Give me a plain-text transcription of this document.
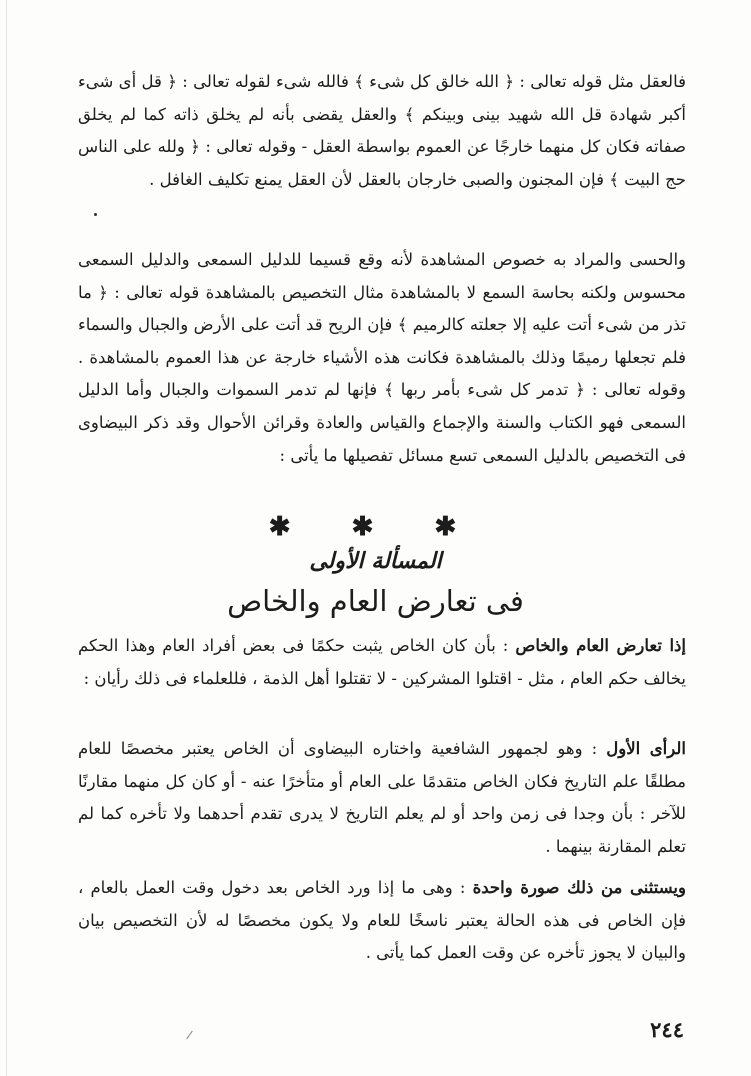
فالعقل مثل قوله تعالى : ﴿ الله خالق كل شىء ﴾ فالله شىء لقوله تعالى : ﴿ قل أى شىء أكبر شهادة قل الله شهيد بينى وبينكم ﴾ والعقل يقضى بأنه لم يخلق ذاته كما لم يخلق صفاته فكان كل منهما خارجًا عن العموم بواسطة العقل - وقوله تعالى : ﴿ ولله على الناس حج البيت ﴾ فإن المجنون والصبى خارجان بالعقل لأن العقل يمنع تكليف الغافل .

والحسى والمراد به خصوص المشاهدة لأنه وقع قسيما للدليل السمعى والدليل السمعى محسوس ولكنه بحاسة السمع لا بالمشاهدة مثال التخصيص بالمشاهدة قوله تعالى : ﴿ ما تذر من شىء أتت عليه إلا جعلته كالرميم ﴾ فإن الريح قد أتت على الأرض والجبال والسماء فلم تجعلها رميمًا وذلك بالمشاهدة فكانت هذه الأشياء خارجة عن هذا العموم بالمشاهدة . وقوله تعالى : ﴿ تدمر كل شىء بأمر ربها ﴾ فإنها لم تدمر السموات والجبال وأما الدليل السمعى فهو الكتاب والسنة والإجماع والقياس والعادة وقرائن الأحوال وقد ذكر البيضاوى فى التخصيص بالدليل السمعى تسع مسائل تفصيلها ما يأتى :

✱ ✱ ✱
المسألة الأولى
فى تعارض العام والخاص

إذا تعارض العام والخاص : بأن كان الخاص يثبت حكمًا فى بعض أفراد العام وهذا الحكم يخالف حكم العام ، مثل - اقتلوا المشركين - لا تقتلوا أهل الذمة ، فللعلماء فى ذلك رأيان :

الرأى الأول : وهو لجمهور الشافعية واختاره البيضاوى أن الخاص يعتبر مخصصًا للعام مطلقًا علم التاريخ فكان الخاص متقدمًا على العام أو متأخرًا عنه - أو كان كل منهما مقارنًا للآخر : بأن وجدا فى زمن واحد أو لم يعلم التاريخ لا يدرى تقدم أحدهما ولا تأخره كما لم تعلم المقارنة بينهما .

ويستثنى من ذلك صورة واحدة : وهى ما إذا ورد الخاص بعد دخول وقت العمل بالعام ، فإن الخاص فى هذه الحالة يعتبر ناسخًا للعام ولا يكون مخصصًا له لأن التخصيص بيان والبيان لا يجوز تأخره عن وقت العمل كما يأتى .

٢٤٤
